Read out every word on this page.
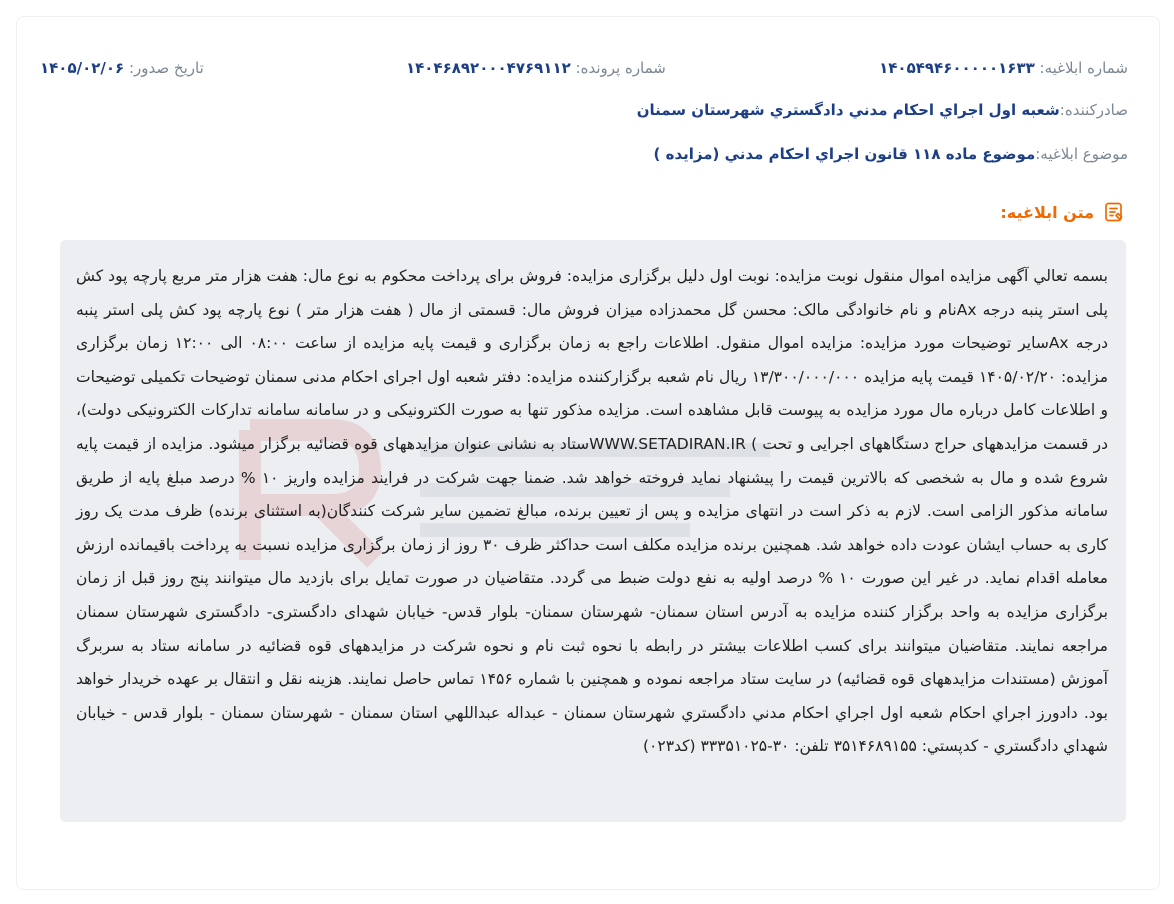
شماره ابلاغيه: ۱۴۰۵۴۹۴۶۰۰۰۰۰۱۶۳۳
شماره پرونده: ۱۴۰۴۶۸۹۲۰۰۰۴۷۶۹۱۱۲
تاريخ صدور: ۱۴۰۵/۰۲/۰۶
صادرکننده:
شعبه اول اجراي احکام مدني دادگستري شهرستان سمنان
موضوع ابلاغيه:
موضوع ماده ۱۱۸ قانون اجراي احکام مدني (مزايده )
متن ابلاغيه:

بسمه تعالي آگهی مزایده اموال منقول نوبت مزایده: نوبت اول دلیل برگزاری مزایده: فروش برای پرداخت محکوم به نوع مال: هفت هزار متر مربع پارچه پود کش پلی استر پنبه درجه Axنام و نام خانوادگی مالک: محسن گل محمدزاده میزان فروش مال: قسمتی از مال ( هفت هزار متر ) نوع پارچه پود کش پلی استر پنبه درجه Axسایر توضیحات مورد مزایده: مزایده اموال منقول. اطلاعات راجع به زمان برگزاری و قیمت پایه مزایده از ساعت ۰۸:۰۰ الی ۱۲:۰۰ زمان برگزاری مزایده: ۱۴۰۵/۰۲/۲۰ قیمت پایه مزایده ۱۳/۳۰۰/۰۰۰/۰۰۰ ریال نام شعبه برگزارکننده مزایده: دفتر شعبه اول اجرای احکام مدنی سمنان توضیحات تکمیلی توضیحات و اطلاعات کامل درباره مال مورد مزایده به پیوست قابل مشاهده است. مزایده مذکور تنها به صورت الکترونیکی و در سامانه سامانه تدارکات الکترونیکی دولت)، در قسمت مزایدههای حراج دستگاههای اجرایی و تحت ) WWW.SETADIRAN.IRستاد به نشانی عنوان مزایدههای قوه قضائیه برگزار میشود. مزایده از قیمت پایه شروع شده و مال به شخصی که بالاترین قیمت را پیشنهاد نماید فروخته خواهد شد. ضمنا جهت شرکت در فرایند مزایده واریز ۱۰ % درصد مبلغ پایه از طریق سامانه مذکور الزامی است. لازم به ذکر است در انتهای مزایده و پس از تعیین برنده، مبالغ تضمین سایر شرکت کنندگان(به استثنای برنده) ظرف مدت یک روز کاری به حساب ایشان عودت داده خواهد شد. همچنین برنده مزایده مکلف است حداکثر ظرف ۳۰ روز از زمان برگزاری مزایده نسبت به پرداخت باقیمانده ارزش معامله اقدام نماید. در غیر این صورت ۱۰ % درصد اولیه به نفع دولت ضبط می گردد. متقاضیان در صورت تمایل برای بازدید مال میتوانند پنج روز قبل از زمان برگزاری مزایده به واحد برگزار کننده مزایده به آدرس استان سمنان- شهرستان سمنان- بلوار قدس- خیابان شهدای دادگستری- دادگستری شهرستان سمنان مراجعه نمایند. متقاضیان میتوانند برای کسب اطلاعات بیشتر در رابطه با نحوه ثبت نام و نحوه شرکت در مزایدههای قوه قضائیه در سامانه ستاد به سربرگ آموزش (مستندات مزایدههای قوه قضائیه) در سایت ستاد مراجعه نموده و همچنین با شماره ۱۴۵۶ تماس حاصل نمایند. هزینه نقل و انتقال بر عهده خریدار خواهد بود. دادورز اجراي احکام شعبه اول اجراي احکام مدني دادگستري شهرستان سمنان - عبداله عبداللهي استان سمنان - شهرستان سمنان - بلوار قدس - خيابان شهداي دادگستري - کدپستي: ۳۵۱۴۶۸۹۱۵۵ تلفن: ۳۰-۳۳۳۵۱۰۲۵ (کد۰۲۳)
